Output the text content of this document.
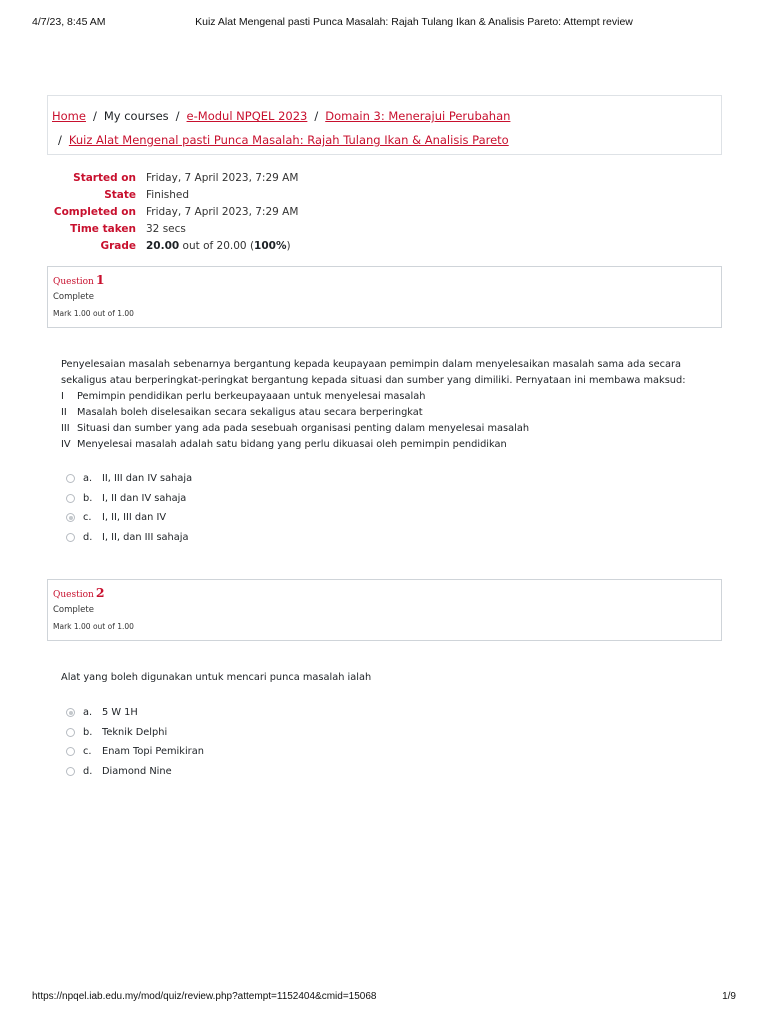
4/7/23, 8:45 AM	Kuiz Alat Mengenal pasti Punca Masalah: Rajah Tulang Ikan & Analisis Pareto: Attempt review
Home / My courses / e-Modul NPQEL 2023 / Domain 3: Menerajui Perubahan
/ Kuiz Alat Mengenal pasti Punca Masalah: Rajah Tulang Ikan & Analisis Pareto
Started on Friday, 7 April 2023, 7:29 AM
State Finished
Completed on Friday, 7 April 2023, 7:29 AM
Time taken 32 secs
Grade 20.00 out of 20.00 (100%)
Question 1
Complete
Mark 1.00 out of 1.00
Penyelesaian masalah sebenarnya bergantung kepada keupayaan pemimpin dalam menyelesaikan masalah sama ada secara sekaligus atau berperingkat-peringkat bergantung kepada situasi dan sumber yang dimiliki. Pernyataan ini membawa maksud:
I	Pemimpin pendidikan perlu berkeupayaaan untuk menyelesai masalah
II	Masalah boleh diselesaikan secara sekaligus atau secara berperingkat
III Situasi dan sumber yang ada pada sesebuah organisasi penting dalam menyelesai masalah
IV Menyelesai masalah adalah satu bidang yang perlu dikuasai oleh pemimpin pendidikan
a.	II, III dan IV sahaja
b. I, II dan IV sahaja
c.	I, II, III dan IV
d. I, II, dan III sahaja
Question 2
Complete
Mark 1.00 out of 1.00
Alat yang boleh digunakan untuk mencari punca masalah ialah
a.	5 W 1H
b. Teknik Delphi
c.	Enam Topi Pemikiran
d. Diamond Nine
https://npqel.iab.edu.my/mod/quiz/review.php?attempt=1152404&cmid=15068	1/9
